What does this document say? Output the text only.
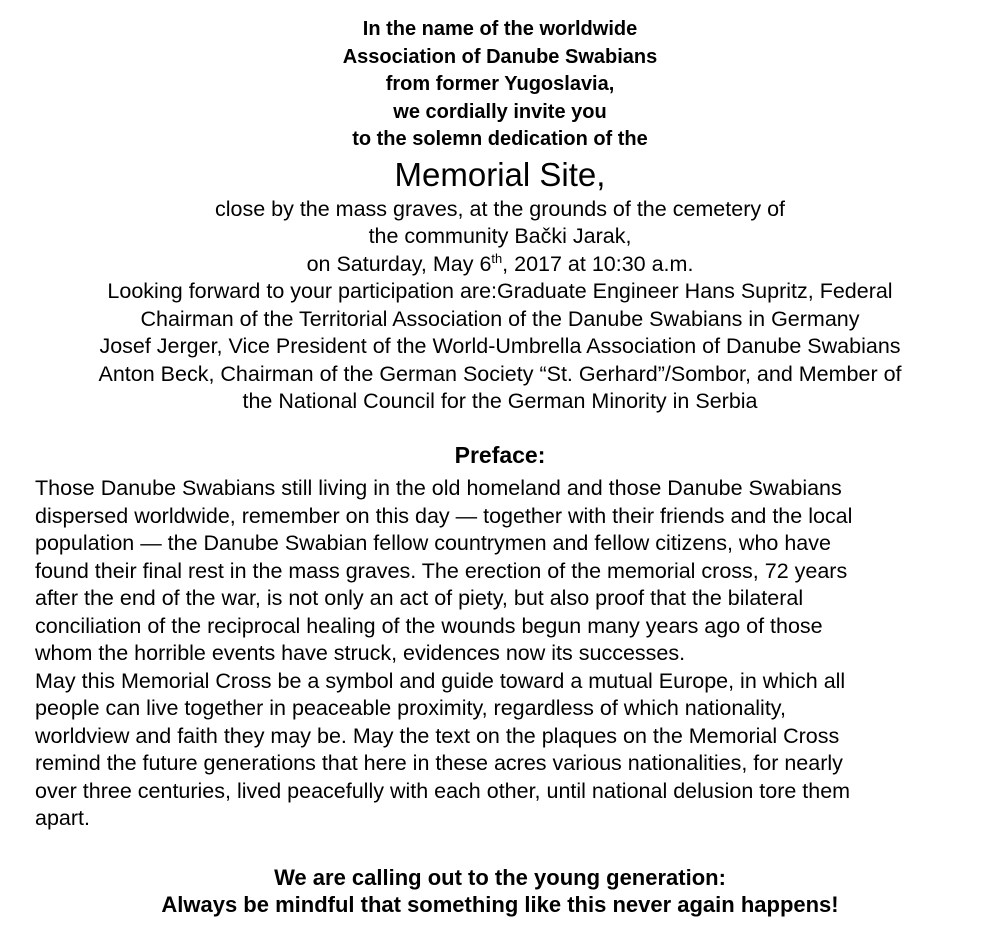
In the name of the worldwide
Association of Danube Swabians
from former Yugoslavia,
we cordially invite you
to the solemn dedication of the
Memorial Site,
close by the mass graves, at the grounds of the cemetery of
the community Bački Jarak,
on Saturday, May 6th, 2017 at 10:30 a.m.
Looking forward to your participation are:Graduate Engineer Hans Supritz, Federal
Chairman of the Territorial Association of the Danube Swabians in Germany
Josef Jerger, Vice President of the World-Umbrella Association of Danube Swabians
Anton Beck, Chairman of the German Society “St. Gerhard”/Sombor, and Member of
the National Council for the German Minority in Serbia
Preface:
Those Danube Swabians still living in the old homeland and those Danube Swabians
dispersed worldwide, remember on this day — together with their friends and the local
population — the Danube Swabian fellow countrymen and fellow citizens, who have
found their final rest in the mass graves. The erection of the memorial cross, 72 years
after the end of the war, is not only an act of piety, but also proof that the bilateral
conciliation of the reciprocal healing of the wounds begun many years ago of those
whom the horrible events have struck, evidences now its successes.
May this Memorial Cross be a symbol and guide toward a mutual Europe, in which all
people can live together in peaceable proximity, regardless of which nationality,
worldview and faith they may be. May the text on the plaques on the Memorial Cross
remind the future generations that here in these acres various nationalities, for nearly
over three centuries, lived peacefully with each other, until national delusion tore them
apart.
We are calling out to the young generation:
Always be mindful that something like this never again happens!
